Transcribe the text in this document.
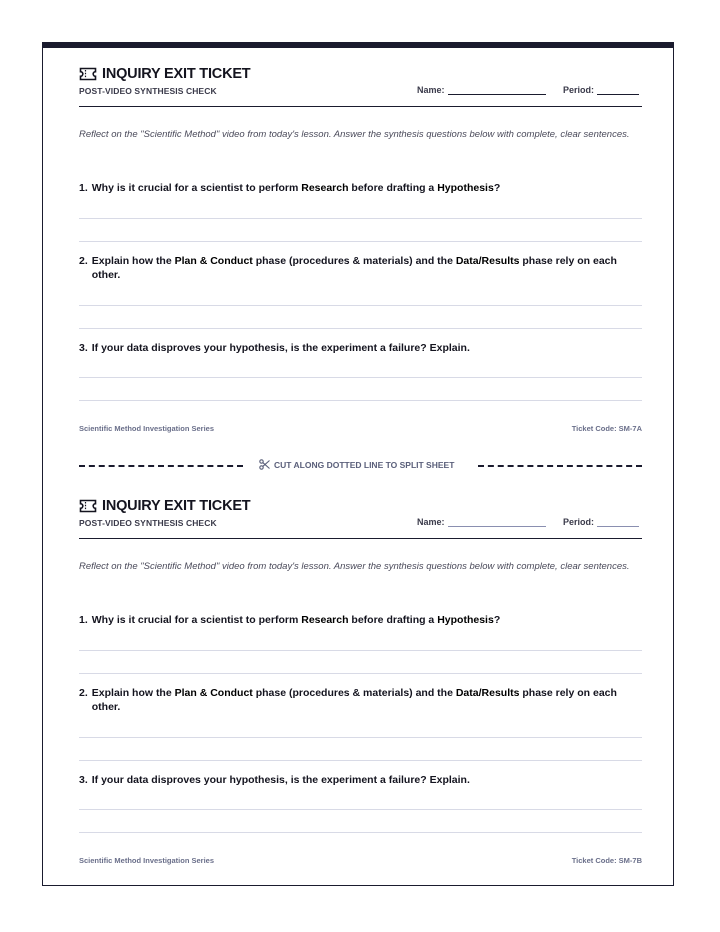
INQUIRY EXIT TICKET
POST-VIDEO SYNTHESIS CHECK	Name:	Period:
Reflect on the "Scientific Method" video from today's lesson. Answer the synthesis questions below with complete, clear sentences.
1. Why is it crucial for a scientist to perform Research before drafting a Hypothesis?
2. Explain how the Plan & Conduct phase (procedures & materials) and the Data/Results phase rely on each other.
3. If your data disproves your hypothesis, is the experiment a failure? Explain.
Scientific Method Investigation Series	Ticket Code: SM-7A
CUT ALONG DOTTED LINE TO SPLIT SHEET
INQUIRY EXIT TICKET
POST-VIDEO SYNTHESIS CHECK	Name:	Period:
Reflect on the "Scientific Method" video from today's lesson. Answer the synthesis questions below with complete, clear sentences.
1. Why is it crucial for a scientist to perform Research before drafting a Hypothesis?
2. Explain how the Plan & Conduct phase (procedures & materials) and the Data/Results phase rely on each other.
3. If your data disproves your hypothesis, is the experiment a failure? Explain.
Scientific Method Investigation Series	Ticket Code: SM-7B
